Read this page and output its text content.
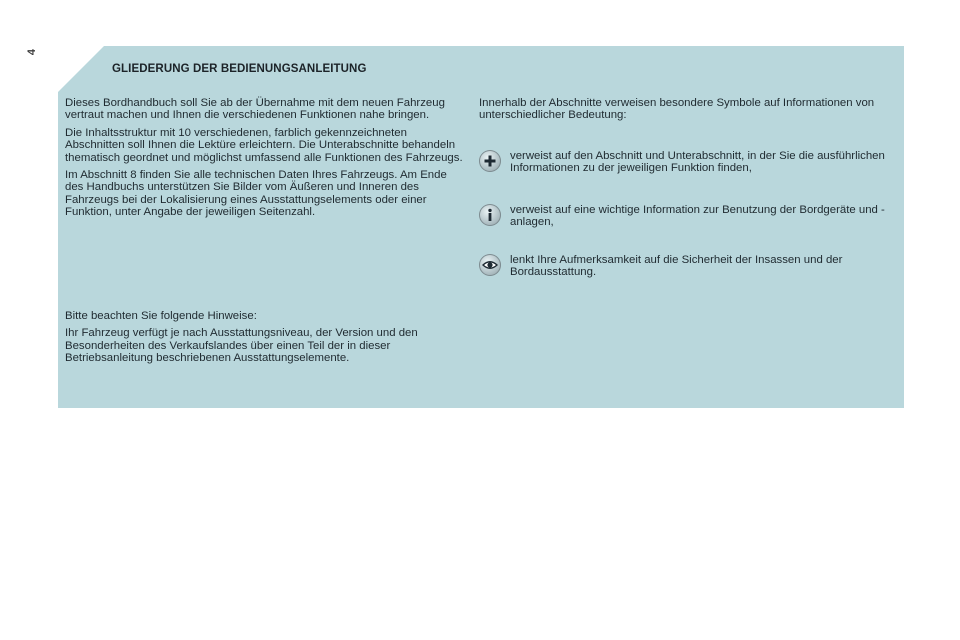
4
GLIEDERUNG DER BEDIENUNGSANLEITUNG

Dieses Bordhandbuch soll Sie ab der Übernahme mit dem neuen Fahrzeug vertraut machen und Ihnen die verschiedenen Funktionen nahe bringen.

Die Inhaltsstruktur mit 10 verschiedenen, farblich gekennzeichneten Abschnitten soll Ihnen die Lektüre erleichtern. Die Unterabschnitte behandeln thematisch geordnet und möglichst umfassend alle Funktionen des Fahrzeugs.

Im Abschnitt 8 finden Sie alle technischen Daten Ihres Fahrzeugs. Am Ende des Handbuchs unterstützen Sie Bilder vom Äußeren und Inneren des Fahrzeugs bei der Lokalisierung eines Ausstattungselements oder einer Funktion, unter Angabe der jeweiligen Seitenzahl.

Bitte beachten Sie folgende Hinweise:

Ihr Fahrzeug verfügt je nach Ausstattungsniveau, der Version und den Besonderheiten des Verkaufslandes über einen Teil der in dieser Betriebsanleitung beschriebenen Ausstattungselemente.

Innerhalb der Abschnitte verweisen besondere Symbole auf Informationen von unterschiedlicher Bedeutung:

verweist auf den Abschnitt und Unterabschnitt, in der Sie die ausführlichen Informationen zu der jeweiligen Funktion finden,
verweist auf eine wichtige Information zur Benutzung der Bordgeräte und -anlagen,
lenkt Ihre Aufmerksamkeit auf die Sicherheit der Insassen und der Bordausstattung.
